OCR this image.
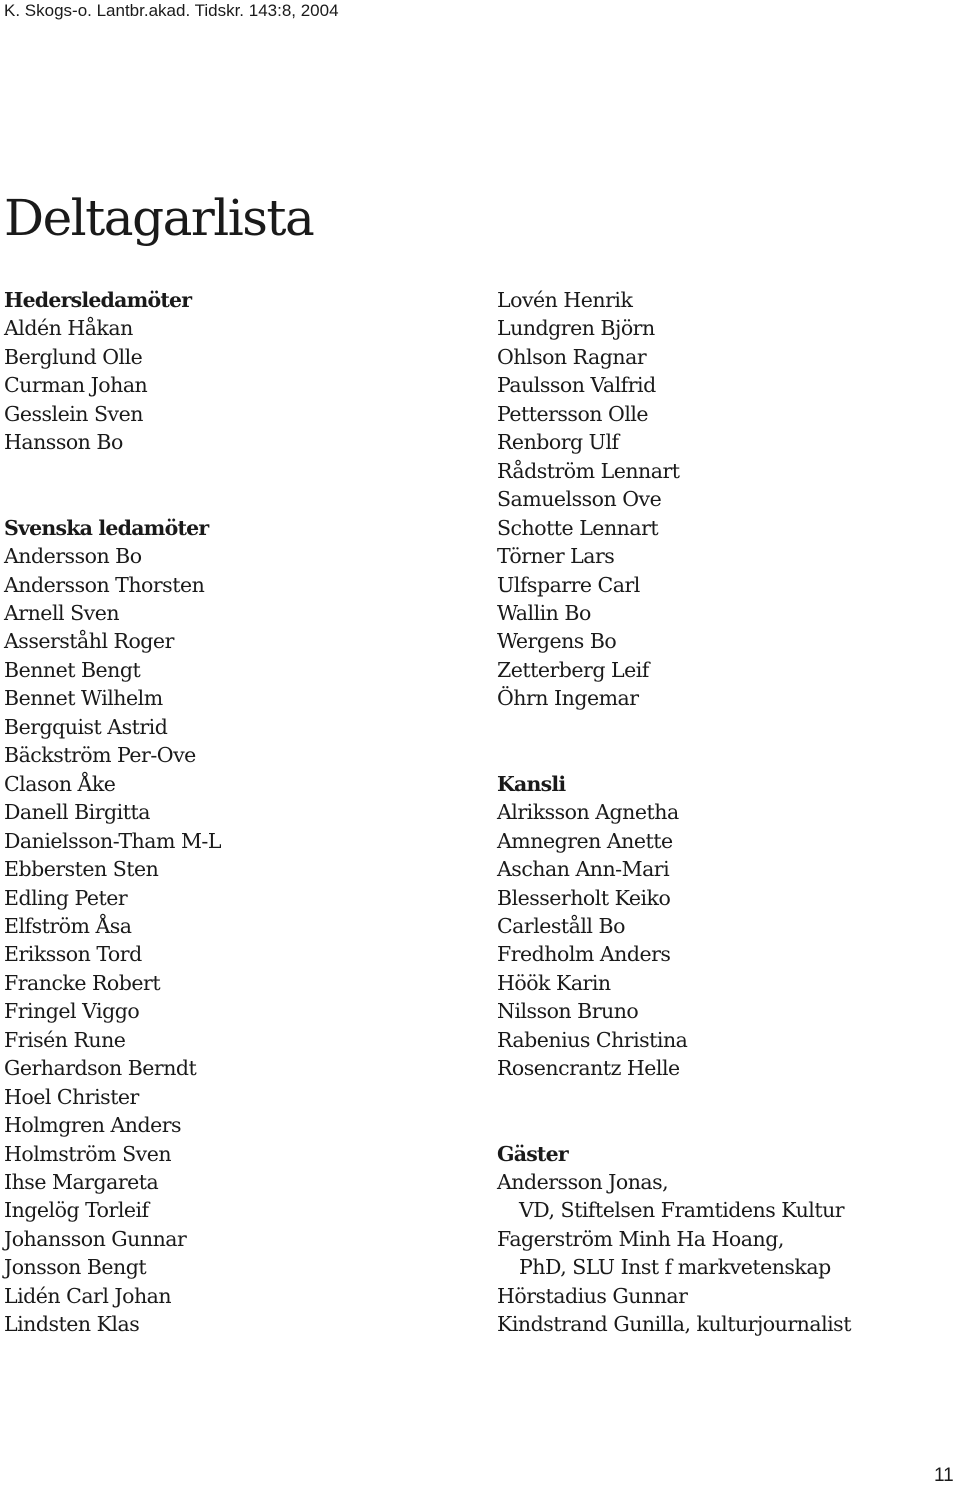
K. Skogs-o. Lantbr.akad. Tidskr. 143:8, 2004
Deltagarlista
Hedersledamöter
Aldén Håkan
Berglund Olle
Curman Johan
Gesslein Sven
Hansson Bo
Svenska ledamöter
Andersson Bo
Andersson Thorsten
Arnell Sven
Asserståhl Roger
Bennet Bengt
Bennet Wilhelm
Bergquist Astrid
Bäckström Per-Ove
Clason Åke
Danell Birgitta
Danielsson-Tham M-L
Ebbersten Sten
Edling Peter
Elfström Åsa
Eriksson Tord
Francke Robert
Fringel Viggo
Frisén Rune
Gerhardson Berndt
Hoel Christer
Holmgren Anders
Holmström Sven
Ihse Margareta
Ingelög Torleif
Johansson Gunnar
Jonsson Bengt
Lidén Carl Johan
Lindsten Klas
Lovén Henrik
Lundgren Björn
Ohlson Ragnar
Paulsson Valfrid
Pettersson Olle
Renborg Ulf
Rådström Lennart
Samuelsson Ove
Schotte Lennart
Törner Lars
Ulfsparre Carl
Wallin Bo
Wergens Bo
Zetterberg Leif
Öhrn Ingemar
Kansli
Alriksson Agnetha
Amnegren Anette
Aschan Ann-Mari
Blesserholt Keiko
Carleståll Bo
Fredholm Anders
Höök Karin
Nilsson Bruno
Rabenius Christina
Rosencrantz Helle
Gäster
Andersson Jonas,
VD, Stiftelsen Framtidens Kultur
Fagerström Minh Ha Hoang,
PhD, SLU Inst f markvetenskap
Hörstadius Gunnar
Kindstrand Gunilla, kulturjournalist
11
